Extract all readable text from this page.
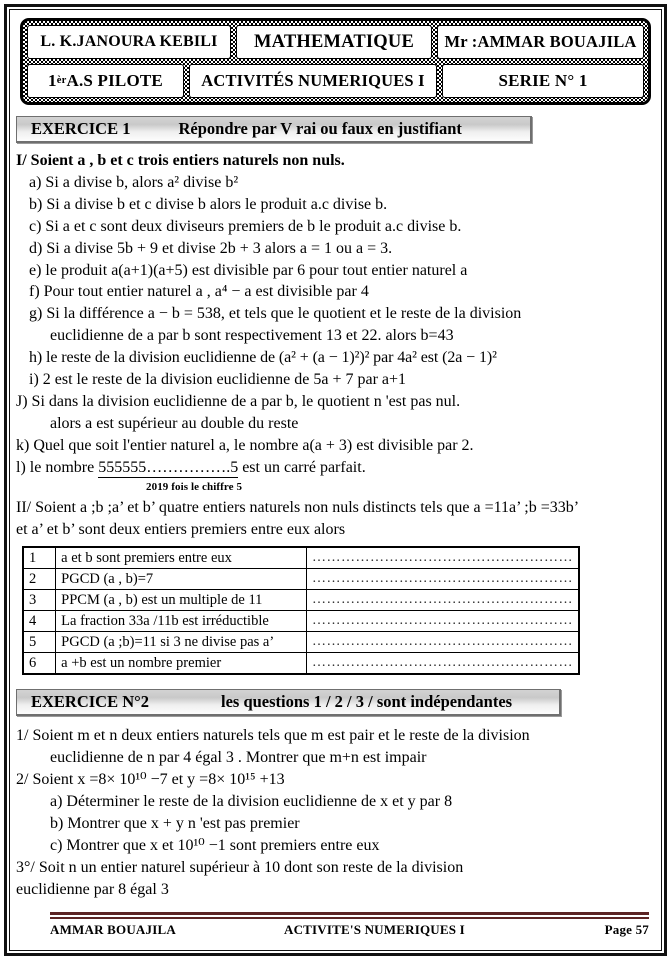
L. K.JANOURA KEBILI	MATHEMATIQUE	Mr :AMMAR BOUAJILA
1 èr A.S PILOTE	ACTIVITÉS NUMERIQUES I	SERIE N° 1
EXERCICE 1	Répondre par V rai ou faux en justifiant
I/ Soient a , b et c trois entiers naturels non nuls.
a) Si a divise b, alors a² divise b²
b) Si a divise b et c divise b alors le produit a.c divise b.
c) Si a et c sont deux diviseurs premiers de b le produit a.c divise b.
d) Si a divise 5b + 9 et divise 2b + 3 alors a = 1 ou a = 3.
e) le produit a(a+1)(a+5) est divisible par 6 pour tout entier naturel a
f) Pour tout entier naturel a , a⁴ − a est divisible par 4
g) Si la différence a − b = 538, et tels que le quotient et le reste de la division
euclidienne de a par b sont respectivement 13 et 22. alors b=43
h) le reste de la division euclidienne de (a² + (a − 1)²)² par 4a² est (2a − 1)²
i) 2 est le reste de la division euclidienne de 5a + 7 par a+1
J) Si dans la division euclidienne de a par b, le quotient n 'est pas nul.
alors a est supérieur au double du reste
k) Quel que soit l'entier naturel a, le nombre a(a + 3) est divisible par 2.
l) le nombre 555555…………….5 est un carré parfait.
2019 fois le chiffre 5
II/ Soient a ;b ;a’ et b’ quatre entiers naturels non nuls distincts tels que a =11a’ ;b =33b’
et a’ et b’ sont deux entiers premiers entre eux alors
1	a et b sont premiers entre eux	………………………………………………
2	PGCD (a , b)=7	………………………………………………
3	PPCM (a , b) est un multiple de 11	………………………………………………
4	La fraction 33a /11b est irréductible	………………………………………………
5	PGCD (a ;b)=11 si 3 ne divise pas a’	………………………………………………
6	a +b est un nombre premier	………………………………………………
EXERCICE N°2	les questions 1 / 2 / 3 / sont indépendantes
1/ Soient m et n deux entiers naturels tels que m est pair et le reste de la division
euclidienne de n par 4 égal 3 . Montrer que m+n est impair
2/ Soient x =8× 10¹⁰ −7 et y =8× 10¹⁵ +13
a) Déterminer le reste de la division euclidienne de x et y par 8
b) Montrer que x + y n 'est pas premier
c) Montrer que x et 10¹⁰ −1 sont premiers entre eux
3°/ Soit n un entier naturel supérieur à 10 dont son reste de la division
euclidienne par 8 égal 3
AMMAR BOUAJILA	ACTIVITE'S NUMERIQUES I	Page 57
